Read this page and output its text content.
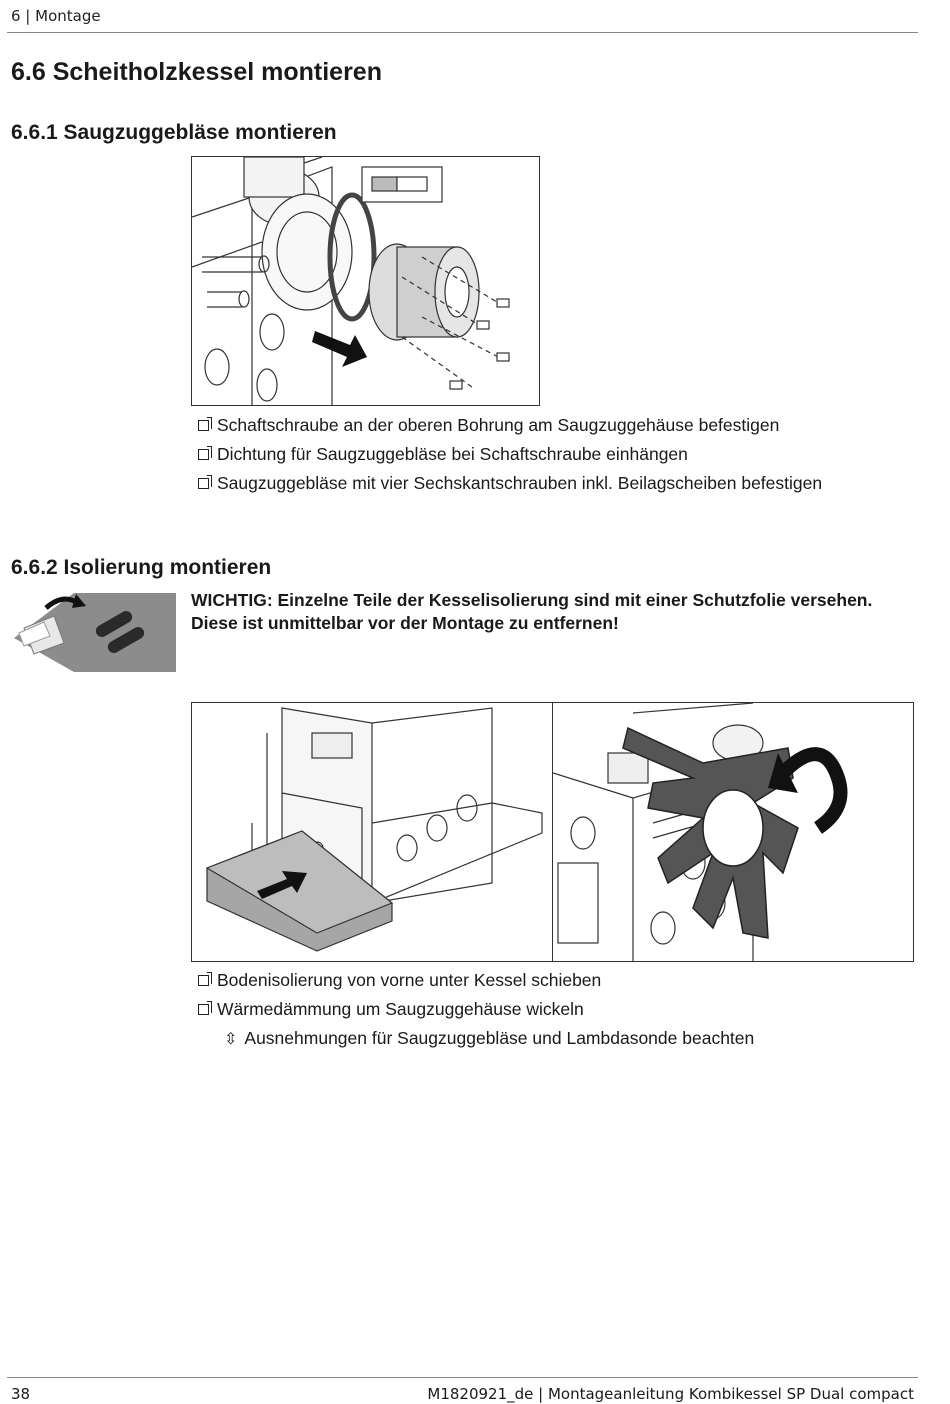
6 | Montage
6.6 Scheitholzkessel montieren
6.6.1 Saugzuggebläse montieren
Schaftschraube an der oberen Bohrung am Saugzuggehäuse befestigen
Dichtung für Saugzuggebläse bei Schaftschraube einhängen
Saugzuggebläse mit vier Sechskantschrauben inkl. Beilagscheiben befestigen
6.6.2 Isolierung montieren
WICHTIG: Einzelne Teile der Kesselisolierung sind mit einer Schutzfolie versehen.
Diese ist unmittelbar vor der Montage zu entfernen!
Bodenisolierung von vorne unter Kessel schieben
Wärmedämmung um Saugzuggehäuse wickeln
⇳ Ausnehmungen für Saugzuggebläse und Lambdasonde beachten
38	M1820921_de | Montageanleitung Kombikessel SP Dual compact
